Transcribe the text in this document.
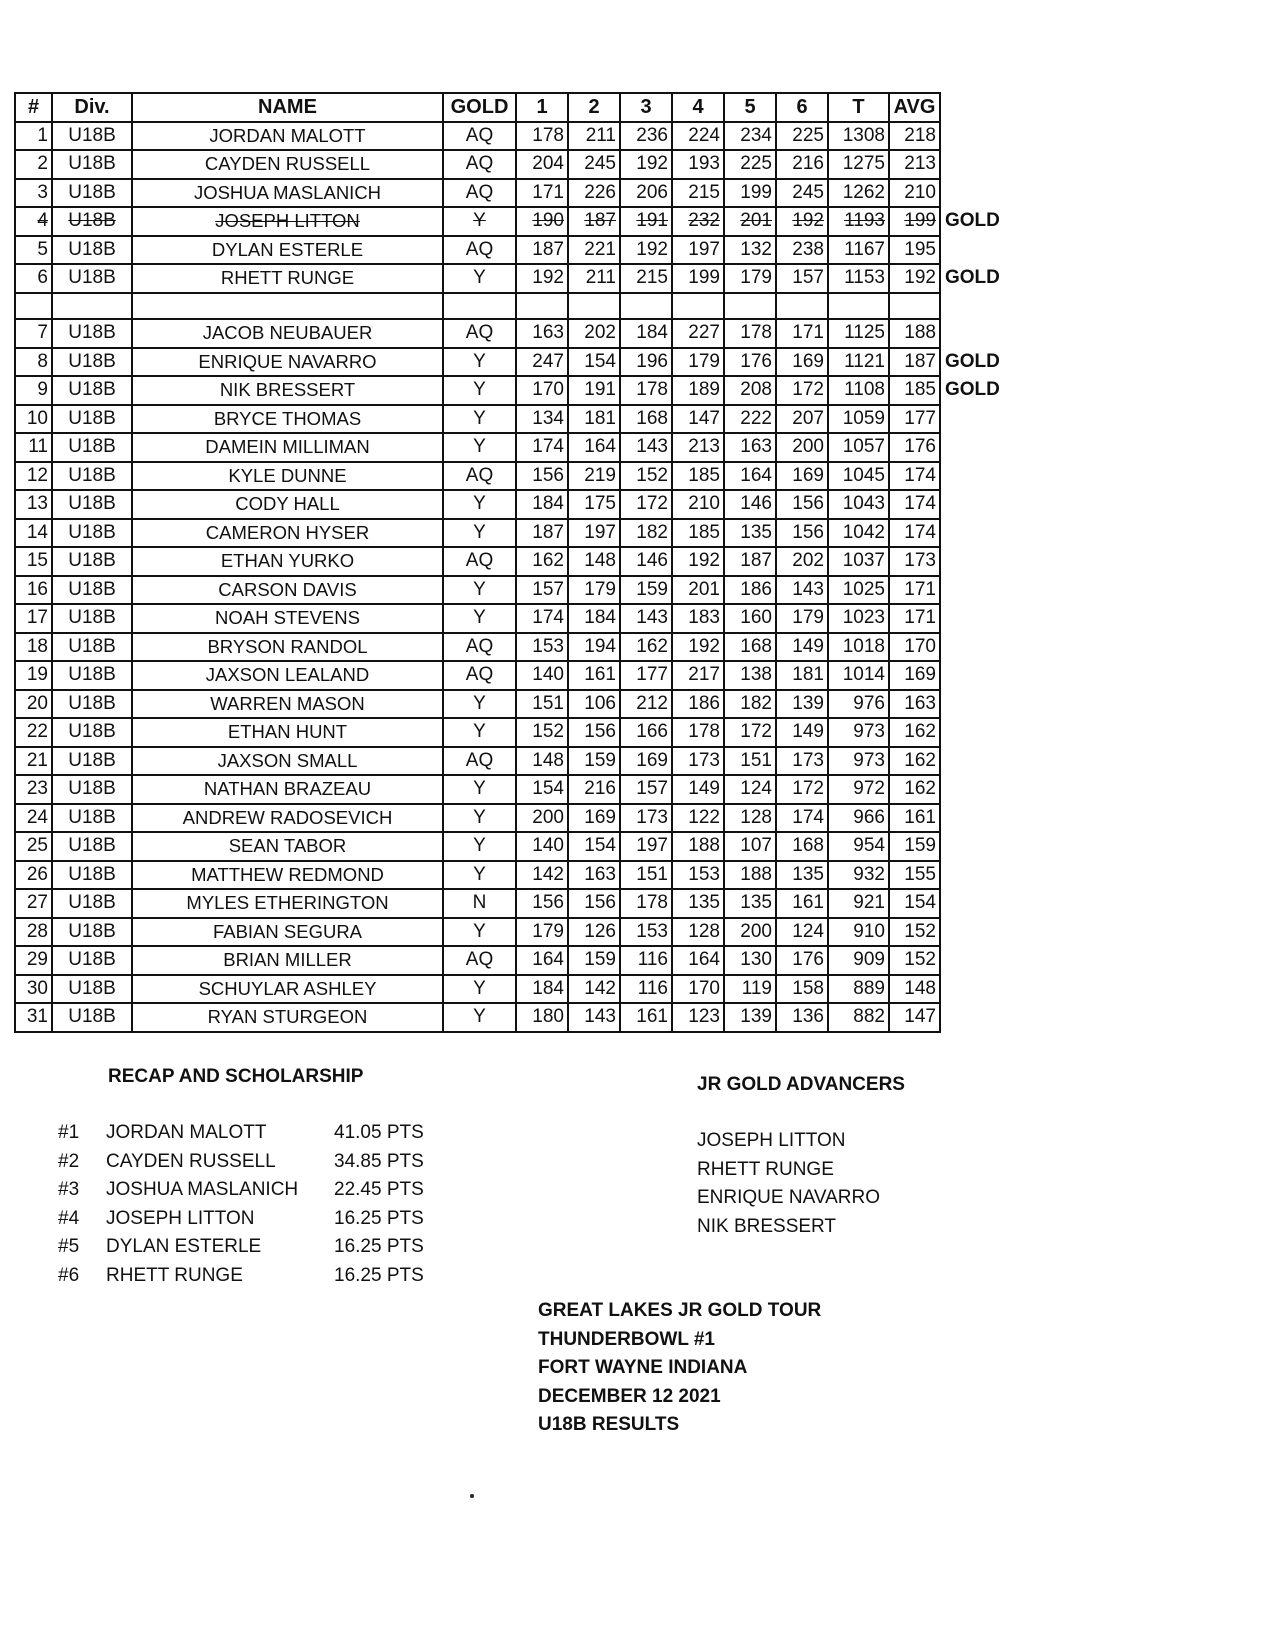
#	Div.	NAME	GOLD	1	2	3	4	5	6	T	AVG	
1	U18B	JORDAN MALOTT	AQ	178	211	236	224	234	225	1308	218	
2	U18B	CAYDEN RUSSELL	AQ	204	245	192	193	225	216	1275	213	
3	U18B	JOSHUA MASLANICH	AQ	171	226	206	215	199	245	1262	210	
4	U18B	JOSEPH LITTON	Y	190	187	191	232	201	192	1193	199	GOLD
5	U18B	DYLAN ESTERLE	AQ	187	221	192	197	132	238	1167	195	
6	U18B	RHETT RUNGE	Y	192	211	215	199	179	157	1153	192	GOLD

7	U18B	JACOB NEUBAUER	AQ	163	202	184	227	178	171	1125	188	
8	U18B	ENRIQUE NAVARRO	Y	247	154	196	179	176	169	1121	187	GOLD
9	U18B	NIK BRESSERT	Y	170	191	178	189	208	172	1108	185	GOLD
10	U18B	BRYCE THOMAS	Y	134	181	168	147	222	207	1059	177	
11	U18B	DAMEIN MILLIMAN	Y	174	164	143	213	163	200	1057	176	
12	U18B	KYLE DUNNE	AQ	156	219	152	185	164	169	1045	174	
13	U18B	CODY HALL	Y	184	175	172	210	146	156	1043	174	
14	U18B	CAMERON HYSER	Y	187	197	182	185	135	156	1042	174	
15	U18B	ETHAN YURKO	AQ	162	148	146	192	187	202	1037	173	
16	U18B	CARSON DAVIS	Y	157	179	159	201	186	143	1025	171	
17	U18B	NOAH STEVENS	Y	174	184	143	183	160	179	1023	171	
18	U18B	BRYSON RANDOL	AQ	153	194	162	192	168	149	1018	170	
19	U18B	JAXSON LEALAND	AQ	140	161	177	217	138	181	1014	169	
20	U18B	WARREN MASON	Y	151	106	212	186	182	139	976	163	
22	U18B	ETHAN HUNT	Y	152	156	166	178	172	149	973	162	
21	U18B	JAXSON SMALL	AQ	148	159	169	173	151	173	973	162	
23	U18B	NATHAN BRAZEAU	Y	154	216	157	149	124	172	972	162	
24	U18B	ANDREW RADOSEVICH	Y	200	169	173	122	128	174	966	161	
25	U18B	SEAN TABOR	Y	140	154	197	188	107	168	954	159	
26	U18B	MATTHEW REDMOND	Y	142	163	151	153	188	135	932	155	
27	U18B	MYLES ETHERINGTON	N	156	156	178	135	135	161	921	154	
28	U18B	FABIAN SEGURA	Y	179	126	153	128	200	124	910	152	
29	U18B	BRIAN MILLER	AQ	164	159	116	164	130	176	909	152	
30	U18B	SCHUYLAR ASHLEY	Y	184	142	116	170	119	158	889	148	
31	U18B	RYAN STURGEON	Y	180	143	161	123	139	136	882	147	
RECAP AND SCHOLARSHIP
#1	JORDAN MALOTT	41.05 PTS
#2	CAYDEN RUSSELL	34.85 PTS
#3	JOSHUA MASLANICH	22.45 PTS
#4	JOSEPH LITTON	16.25 PTS
#5	DYLAN ESTERLE	16.25 PTS
#6	RHETT RUNGE	16.25 PTS
JR GOLD ADVANCERS
JOSEPH LITTON
RHETT RUNGE
ENRIQUE NAVARRO
NIK BRESSERT
GREAT LAKES JR GOLD TOUR
THUNDERBOWL #1
FORT WAYNE INDIANA
DECEMBER 12 2021
U18B RESULTS
